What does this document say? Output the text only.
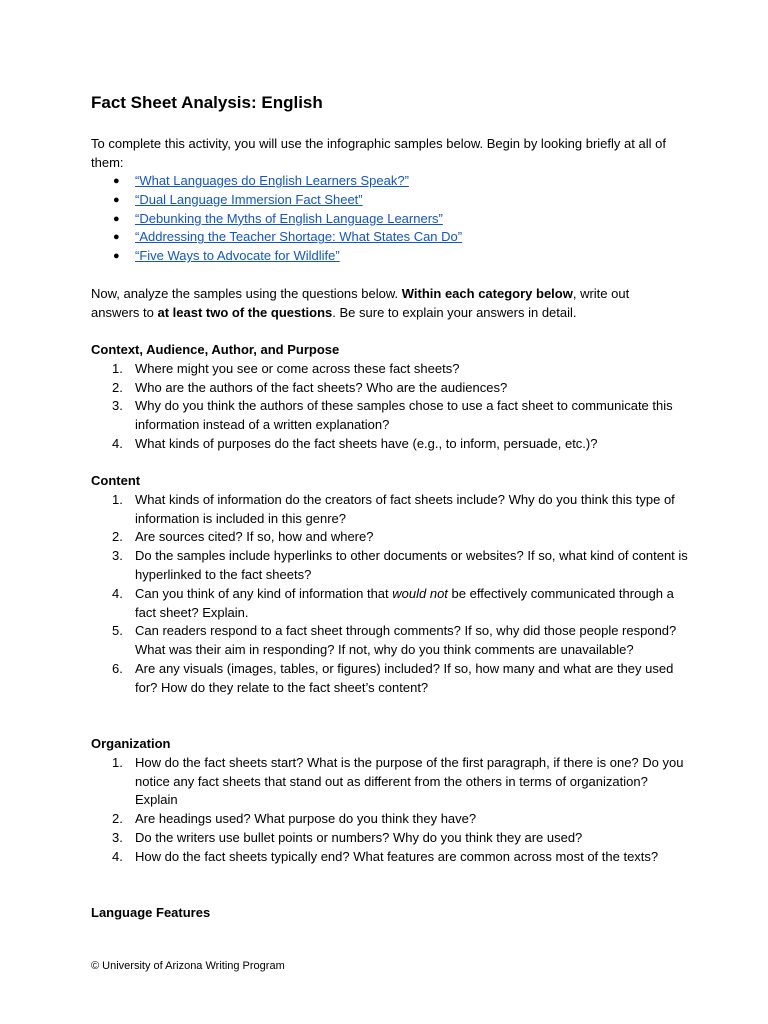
Fact Sheet Analysis: English

To complete this activity, you will use the infographic samples below. Begin by looking briefly at all of them:

● “What Languages do English Learners Speak?”
● “Dual Language Immersion Fact Sheet”
● “Debunking the Myths of English Language Learners”
● “Addressing the Teacher Shortage: What States Can Do”
● “Five Ways to Advocate for Wildlife”

Now, analyze the samples using the questions below. Within each category below, write out answers to at least two of the questions. Be sure to explain your answers in detail.

Context, Audience, Author, and Purpose
1. Where might you see or come across these fact sheets?
2. Who are the authors of the fact sheets? Who are the audiences?
3. Why do you think the authors of these samples chose to use a fact sheet to communicate this information instead of a written explanation?
4. What kinds of purposes do the fact sheets have (e.g., to inform, persuade, etc.)?
Content
1. What kinds of information do the creators of fact sheets include? Why do you think this type of information is included in this genre?
2. Are sources cited? If so, how and where?
3. Do the samples include hyperlinks to other documents or websites? If so, what kind of content is hyperlinked to the fact sheets?
4. Can you think of any kind of information that would not be effectively communicated through a fact sheet? Explain.
5. Can readers respond to a fact sheet through comments? If so, why did those people respond? What was their aim in responding? If not, why do you think comments are unavailable?
6. Are any visuals (images, tables, or figures) included? If so, how many and what are they used for? How do they relate to the fact sheet’s content?
Organization
1. How do the fact sheets start? What is the purpose of the first paragraph, if there is one? Do you notice any fact sheets that stand out as different from the others in terms of organization? Explain
2. Are headings used? What purpose do you think they have?
3. Do the writers use bullet points or numbers? Why do you think they are used?
4. How do the fact sheets typically end? What features are common across most of the texts?
Language Features
© University of Arizona Writing Program
